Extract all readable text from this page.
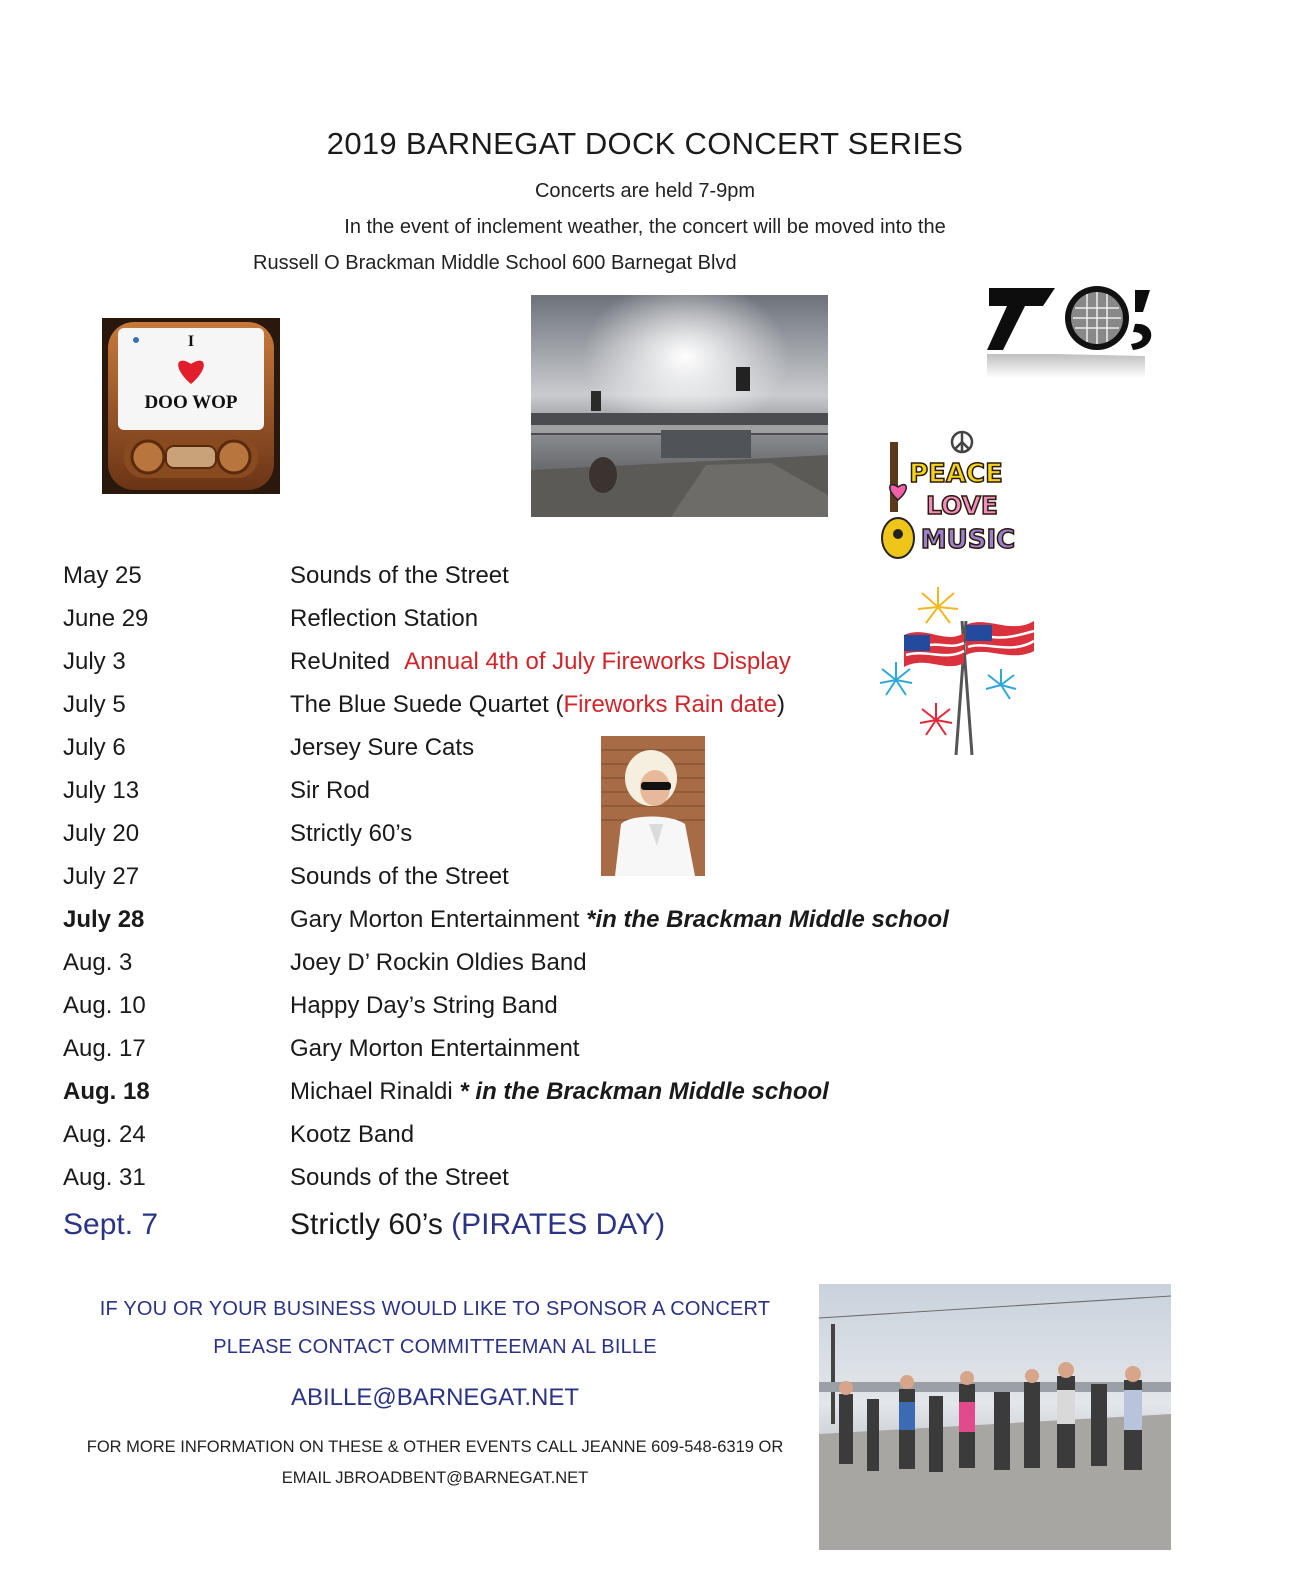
2019 BARNEGAT DOCK CONCERT SERIES
Concerts are held 7-9pm
In the event of inclement weather, the concert will be moved into the
Russell O Brackman Middle School 600 Barnegat Blvd
I
DOO WOP
PEACE
LOVE
MUSIC
May 25	Sounds of the Street
June 29	Reflection Station
July 3	ReUnited Annual 4th of July Fireworks Display
July 5	The Blue Suede Quartet (Fireworks Rain date)
July 6	Jersey Sure Cats
July 13	Sir Rod
July 20	Strictly 60’s
July 27	Sounds of the Street
July 28	Gary Morton Entertainment *in the Brackman Middle school
Aug. 3	Joey D’ Rockin Oldies Band
Aug. 10	Happy Day’s String Band
Aug. 17	Gary Morton Entertainment
Aug. 18	Michael Rinaldi * in the Brackman Middle school
Aug. 24	Kootz Band
Aug. 31	Sounds of the Street
Sept. 7	Strictly 60’s (PIRATES DAY)
IF YOU OR YOUR BUSINESS WOULD LIKE TO SPONSOR A CONCERT
PLEASE CONTACT COMMITTEEMAN AL BILLE
ABILLE@BARNEGAT.NET
FOR MORE INFORMATION ON THESE & OTHER EVENTS CALL JEANNE 609-548-6319 OR
EMAIL JBROADBENT@BARNEGAT.NET
